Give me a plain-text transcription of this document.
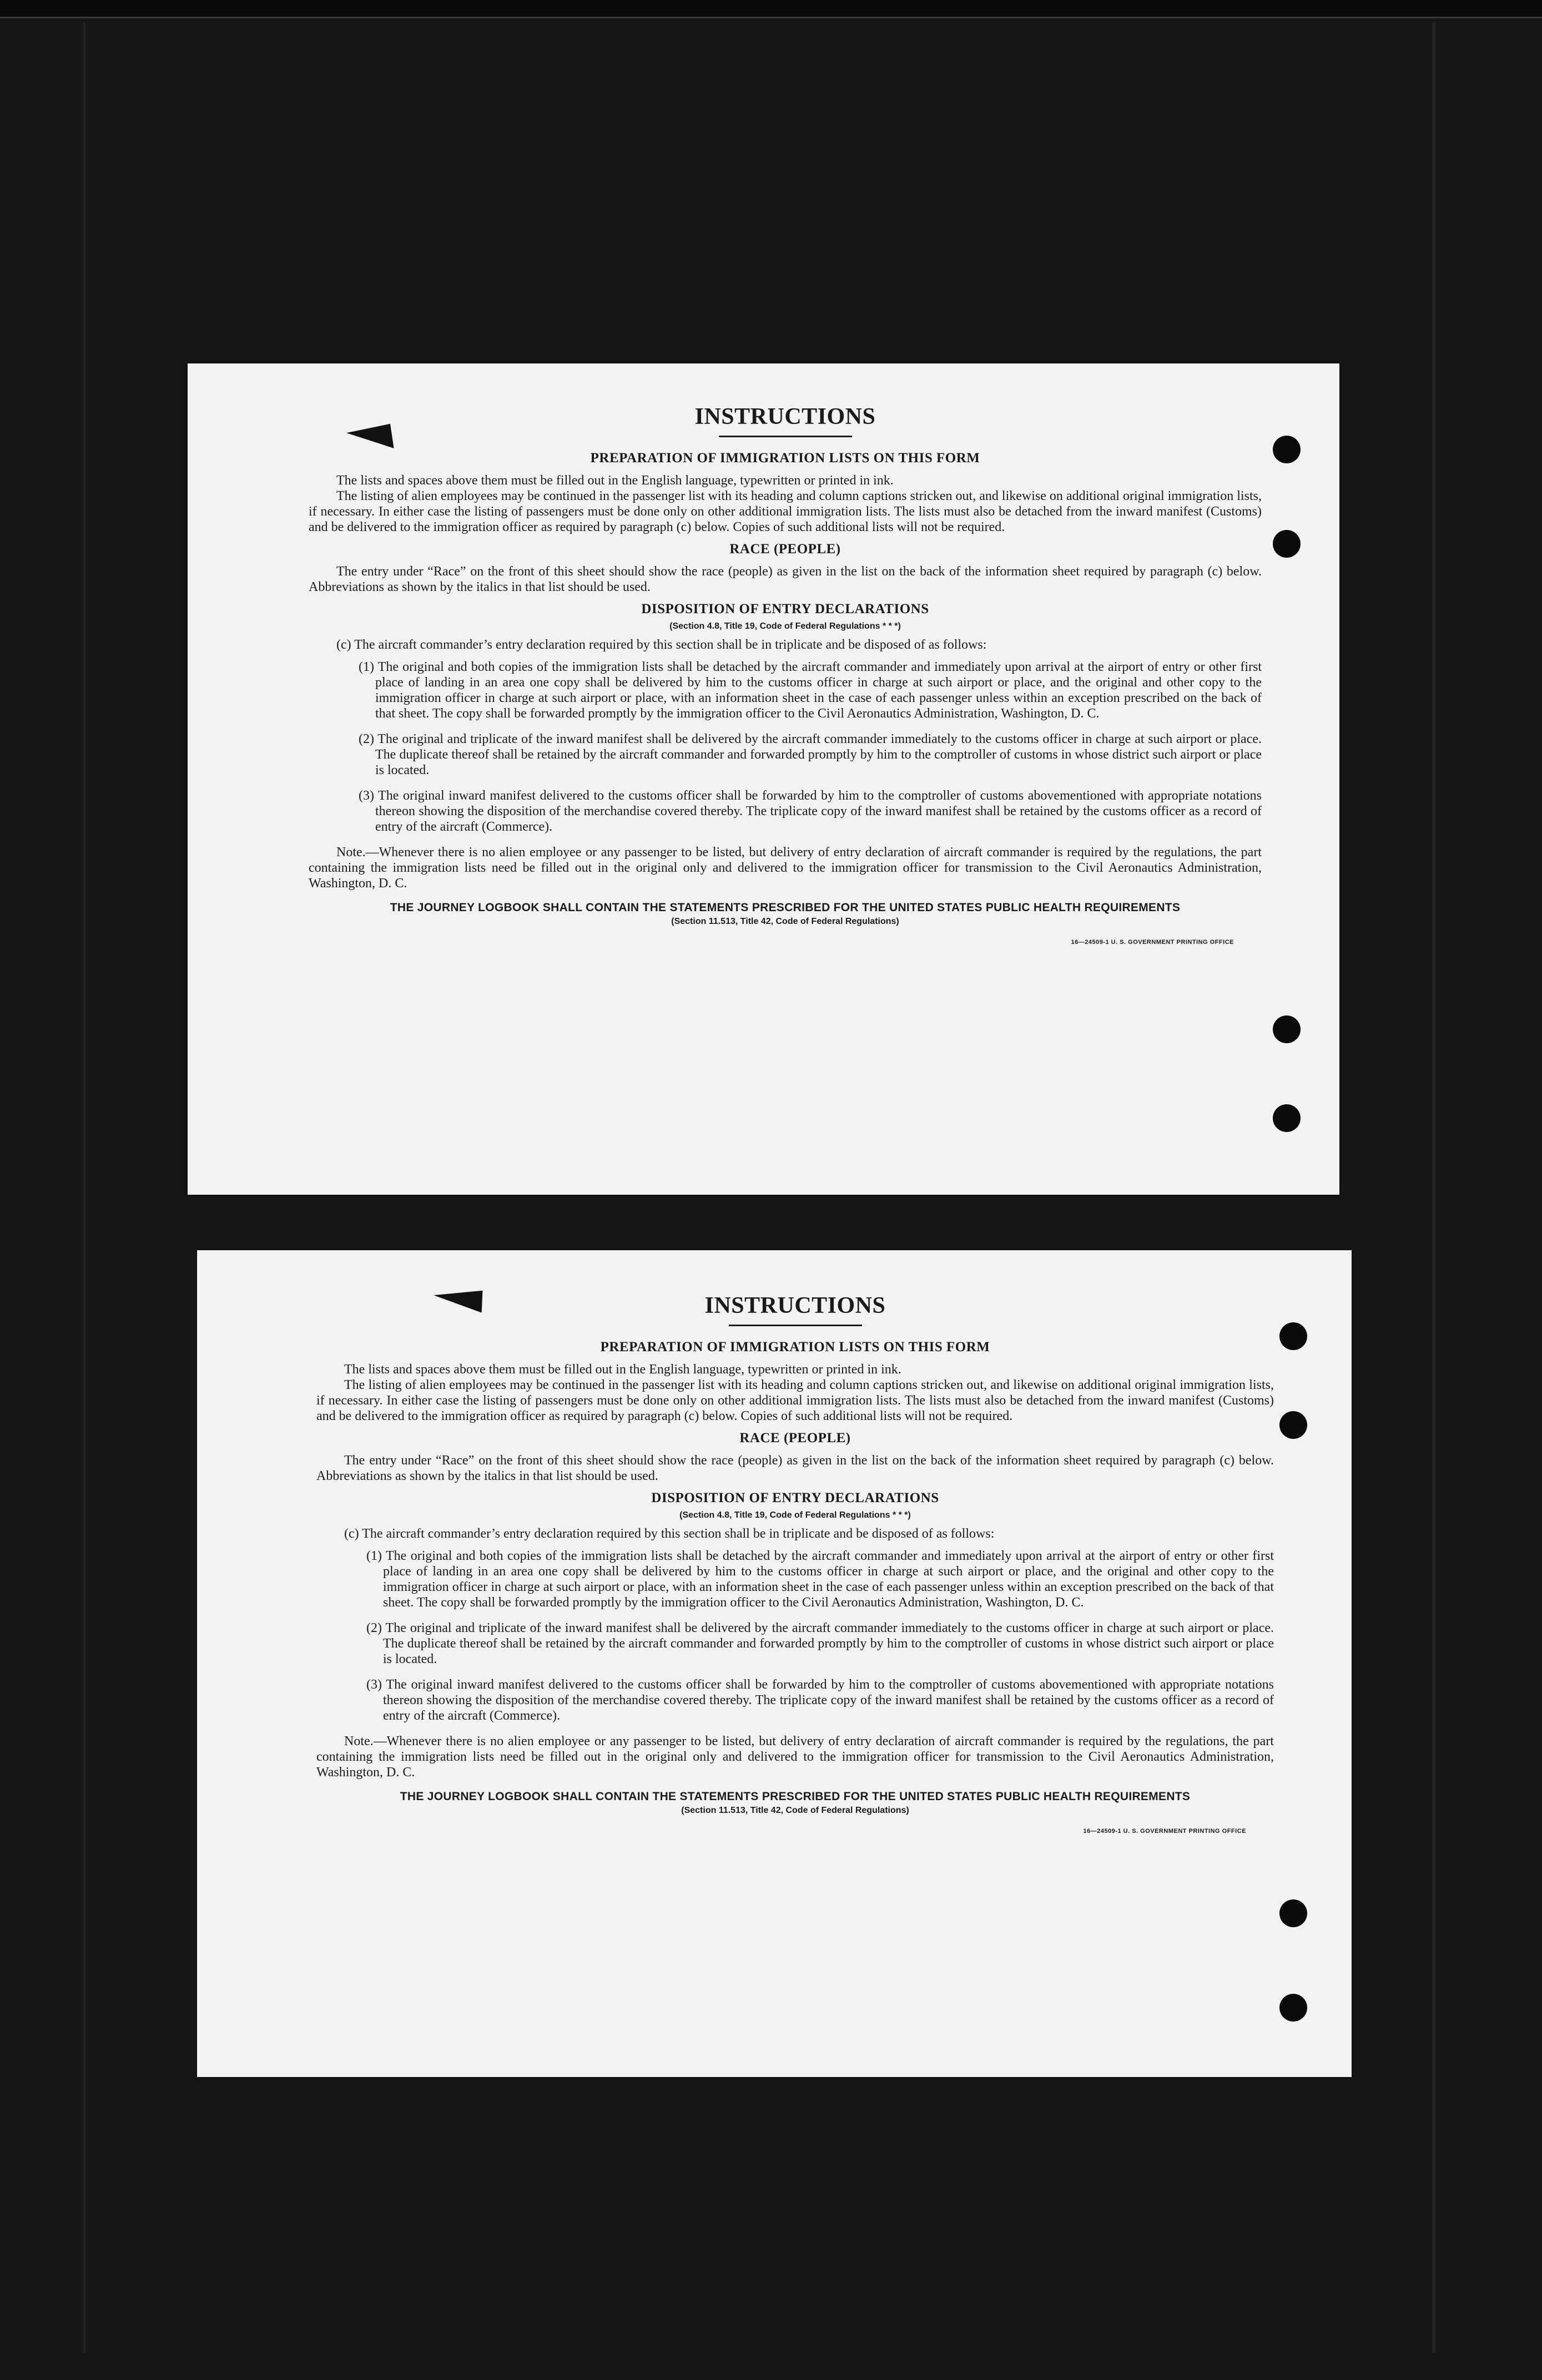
INSTRUCTIONS
PREPARATION OF IMMIGRATION LISTS ON THIS FORM

The lists and spaces above them must be filled out in the English language, typewritten or printed in ink.

The listing of alien employees may be continued in the passenger list with its heading and column captions stricken out, and likewise on additional original immigration lists, if necessary. In either case the listing of passengers must be done only on other additional immigration lists. The lists must also be detached from the inward manifest (Customs) and be delivered to the immigration officer as required by paragraph (c) below. Copies of such additional lists will not be required.

RACE (PEOPLE)

The entry under “Race” on the front of this sheet should show the race (people) as given in the list on the back of the information sheet required by paragraph (c) below. Abbreviations as shown by the italics in that list should be used.

DISPOSITION OF ENTRY DECLARATIONS
(Section 4.8, Title 19, Code of Federal Regulations * * *)

(c) The aircraft commander’s entry declaration required by this section shall be in triplicate and be disposed of as follows:

(1) The original and both copies of the immigration lists shall be detached by the aircraft commander and immediately upon arrival at the airport of entry or other first place of landing in an area one copy shall be delivered by him to the customs officer in charge at such airport or place, and the original and other copy to the immigration officer in charge at such airport or place, with an information sheet in the case of each passenger unless within an exception prescribed on the back of that sheet. The copy shall be forwarded promptly by the immigration officer to the Civil Aeronautics Administration, Washington, D. C.
(2) The original and triplicate of the inward manifest shall be delivered by the aircraft commander immediately to the customs officer in charge at such airport or place. The duplicate thereof shall be retained by the aircraft commander and forwarded promptly by him to the comptroller of customs in whose district such airport or place is located.
(3) The original inward manifest delivered to the customs officer shall be forwarded by him to the comptroller of customs abovementioned with appropriate notations thereon showing the disposition of the merchandise covered thereby. The triplicate copy of the inward manifest shall be retained by the customs officer as a record of entry of the aircraft (Commerce).

Note.—Whenever there is no alien employee or any passenger to be listed, but delivery of entry declaration of aircraft commander is required by the regulations, the part containing the immigration lists need be filled out in the original only and delivered to the immigration officer for transmission to the Civil Aeronautics Administration, Washington, D. C.

THE JOURNEY LOGBOOK SHALL CONTAIN THE STATEMENTS PRESCRIBED FOR THE UNITED STATES PUBLIC HEALTH REQUIREMENTS
(Section 11.513, Title 42, Code of Federal Regulations)
16—24509-1 U. S. GOVERNMENT PRINTING OFFICE
INSTRUCTIONS
PREPARATION OF IMMIGRATION LISTS ON THIS FORM

The lists and spaces above them must be filled out in the English language, typewritten or printed in ink.

The listing of alien employees may be continued in the passenger list with its heading and column captions stricken out, and likewise on additional original immigration lists, if necessary. In either case the listing of passengers must be done only on other additional immigration lists. The lists must also be detached from the inward manifest (Customs) and be delivered to the immigration officer as required by paragraph (c) below. Copies of such additional lists will not be required.

RACE (PEOPLE)

The entry under “Race” on the front of this sheet should show the race (people) as given in the list on the back of the information sheet required by paragraph (c) below. Abbreviations as shown by the italics in that list should be used.

DISPOSITION OF ENTRY DECLARATIONS
(Section 4.8, Title 19, Code of Federal Regulations * * *)

(c) The aircraft commander’s entry declaration required by this section shall be in triplicate and be disposed of as follows:

(1) The original and both copies of the immigration lists shall be detached by the aircraft commander and immediately upon arrival at the airport of entry or other first place of landing in an area one copy shall be delivered by him to the customs officer in charge at such airport or place, and the original and other copy to the immigration officer in charge at such airport or place, with an information sheet in the case of each passenger unless within an exception prescribed on the back of that sheet. The copy shall be forwarded promptly by the immigration officer to the Civil Aeronautics Administration, Washington, D. C.
(2) The original and triplicate of the inward manifest shall be delivered by the aircraft commander immediately to the customs officer in charge at such airport or place. The duplicate thereof shall be retained by the aircraft commander and forwarded promptly by him to the comptroller of customs in whose district such airport or place is located.
(3) The original inward manifest delivered to the customs officer shall be forwarded by him to the comptroller of customs abovementioned with appropriate notations thereon showing the disposition of the merchandise covered thereby. The triplicate copy of the inward manifest shall be retained by the customs officer as a record of entry of the aircraft (Commerce).

Note.—Whenever there is no alien employee or any passenger to be listed, but delivery of entry declaration of aircraft commander is required by the regulations, the part containing the immigration lists need be filled out in the original only and delivered to the immigration officer for transmission to the Civil Aeronautics Administration, Washington, D. C.

THE JOURNEY LOGBOOK SHALL CONTAIN THE STATEMENTS PRESCRIBED FOR THE UNITED STATES PUBLIC HEALTH REQUIREMENTS
(Section 11.513, Title 42, Code of Federal Regulations)
16—24509-1 U. S. GOVERNMENT PRINTING OFFICE
